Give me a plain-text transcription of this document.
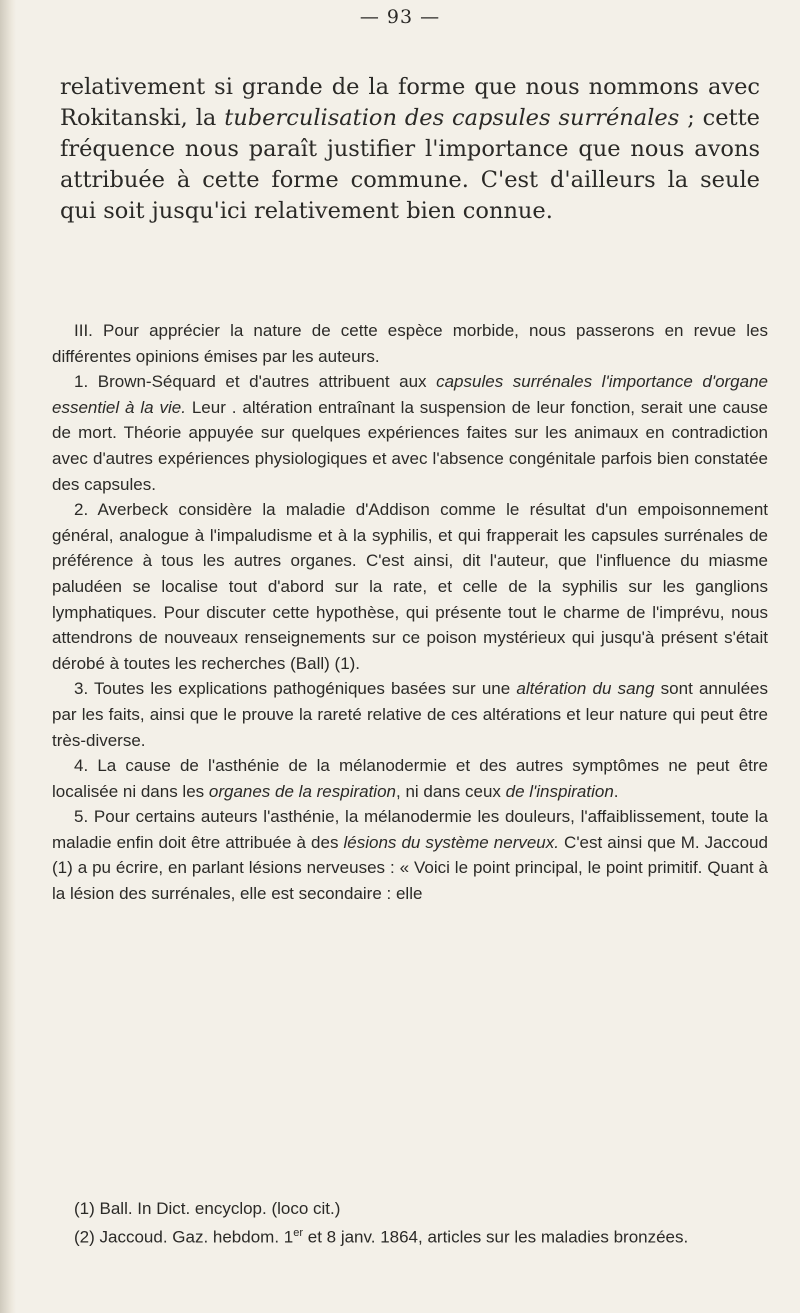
— 93 —

relativement si grande de la forme que nous nommons avec Rokitanski, la tuberculisation des capsules surrénales ; cette fréquence nous paraît justifier l'importance que nous avons attribuée à cette forme commune. C'est d'ailleurs la seule qui soit jusqu'ici relativement bien connue.

III. Pour apprécier la nature de cette espèce morbide, nous passerons en revue les différentes opinions émises par les auteurs.

1. Brown-Séquard et d'autres attribuent aux capsules surrénales l'importance d'organe essentiel à la vie. Leur . altération entraînant la suspension de leur fonction, serait une cause de mort. Théorie appuyée sur quelques expériences faites sur les animaux en contradiction avec d'autres expériences physiologiques et avec l'absence congénitale parfois bien constatée des capsules.

2. Averbeck considère la maladie d'Addison comme le résultat d'un empoisonnement général, analogue à l'impaludisme et à la syphilis, et qui frapperait les capsules surrénales de préférence à tous les autres organes. C'est ainsi, dit l'auteur, que l'influence du miasme paludéen se localise tout d'abord sur la rate, et celle de la syphilis sur les ganglions lymphatiques. Pour discuter cette hypothèse, qui présente tout le charme de l'imprévu, nous attendrons de nouveaux renseignements sur ce poison mystérieux qui jusqu'à présent s'était dérobé à toutes les recherches (Ball) (1).

3. Toutes les explications pathogéniques basées sur une altération du sang sont annulées par les faits, ainsi que le prouve la rareté relative de ces altérations et leur nature qui peut être très-diverse.

4. La cause de l'asthénie de la mélanodermie et des autres symptômes ne peut être localisée ni dans les organes de la respiration, ni dans ceux de l'inspiration.

5. Pour certains auteurs l'asthénie, la mélanodermie les douleurs, l'affaiblissement, toute la maladie enfin doit être attribuée à des lésions du système nerveux. C'est ainsi que M. Jaccoud (1) a pu écrire, en parlant lésions nerveuses : « Voici le point principal, le point primitif. Quant à la lésion des surrénales, elle est secondaire : elle

(1) Ball. In Dict. encyclop. (loco cit.)

(2) Jaccoud. Gaz. hebdom. 1er et 8 janv. 1864, articles sur les maladies bronzées.
